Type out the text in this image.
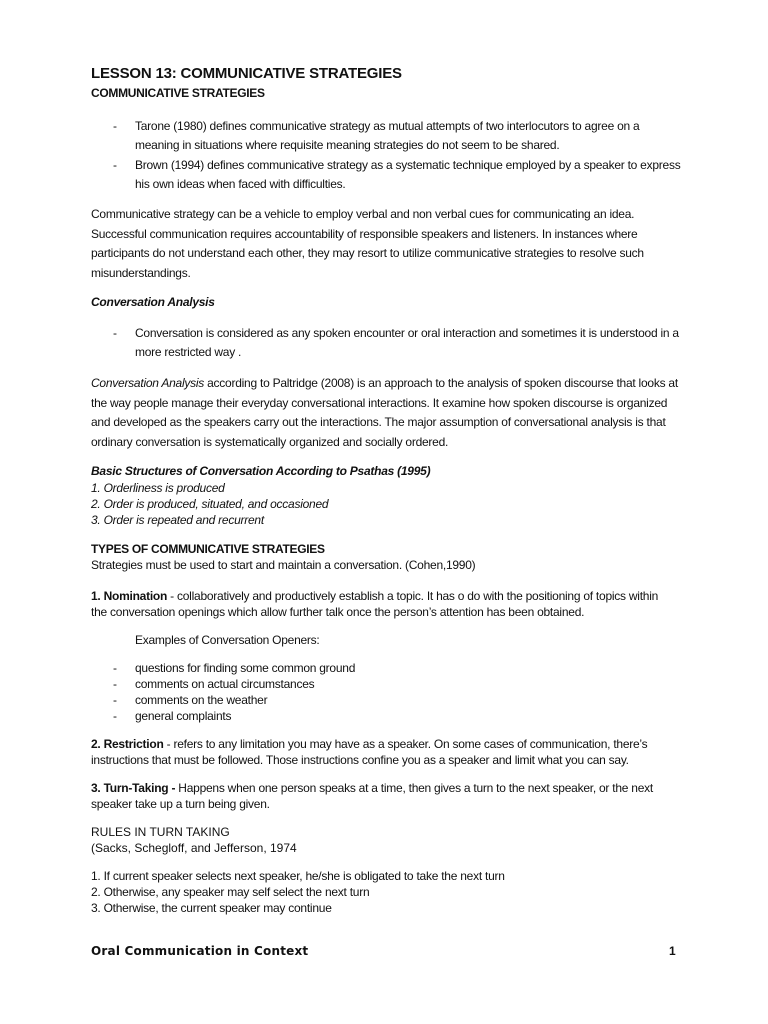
LESSON 13: COMMUNICATIVE STRATEGIES
COMMUNICATIVE STRATEGIES
- Tarone (1980) defines communicative strategy as mutual attempts of two interlocutors to agree on a
meaning in situations where requisite meaning strategies do not seem to be shared.
- Brown (1994) defines communicative strategy as a systematic technique employed by a speaker to express
his own ideas when faced with difficulties.
Communicative strategy can be a vehicle to employ verbal and non verbal cues for communicating an idea.
Successful communication requires accountability of responsible speakers and listeners. In instances where
participants do not understand each other, they may resort to utilize communicative strategies to resolve such
misunderstandings.
Conversation Analysis
- Conversation is considered as any spoken encounter or oral interaction and sometimes it is understood in a
more restricted way .
Conversation Analysis according to Paltridge (2008) is an approach to the analysis of spoken discourse that looks at
the way people manage their everyday conversational interactions. It examine how spoken discourse is organized
and developed as the speakers carry out the interactions. The major assumption of conversational analysis is that
ordinary conversation is systematically organized and socially ordered.
Basic Structures of Conversation According to Psathas (1995)
1. Orderliness is produced
2. Order is produced, situated, and occasioned
3. Order is repeated and recurrent
TYPES OF COMMUNICATIVE STRATEGIES
Strategies must be used to start and maintain a conversation. (Cohen,1990)
1. Nomination - collaboratively and productively establish a topic. It has o do with the positioning of topics within
the conversation openings which allow further talk once the person’s attention has been obtained.
Examples of Conversation Openers:
- questions for finding some common ground
- comments on actual circumstances
- comments on the weather
- general complaints
2. Restriction - refers to any limitation you may have as a speaker. On some cases of communication, there’s
instructions that must be followed. Those instructions confine you as a speaker and limit what you can say.
3. Turn-Taking - Happens when one person speaks at a time, then gives a turn to the next speaker, or the next
speaker take up a turn being given.
RULES IN TURN TAKING
(Sacks, Schegloff, and Jefferson, 1974
1. If current speaker selects next speaker, he/she is obligated to take the next turn
2. Otherwise, any speaker may self select the next turn
3. Otherwise, the current speaker may continue
Oral Communication in Context	1
